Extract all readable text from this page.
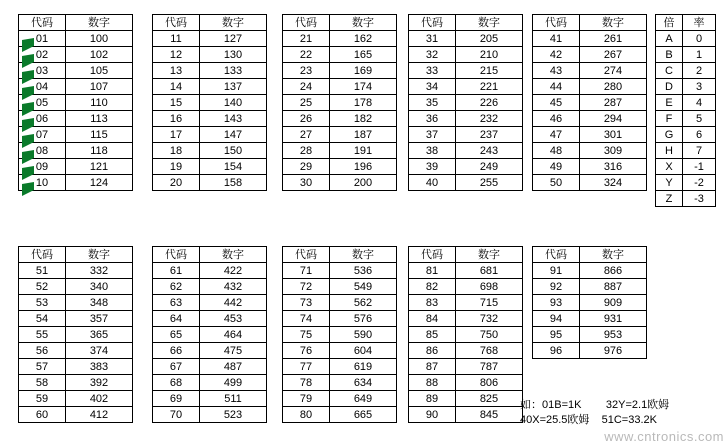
代码	数字
01	100
02	102
03	105
04	107
05	110
06	113
07	115
08	118
09	121
10	124
代码	数字
11	127
12	130
13	133
14	137
15	140
16	143
17	147
18	150
19	154
20	158
代码	数字
21	162
22	165
23	169
24	174
25	178
26	182
27	187
28	191
29	196
30	200
代码	数字
31	205
32	210
33	215
34	221
35	226
36	232
37	237
38	243
39	249
40	255
代码	数字
41	261
42	267
43	274
44	280
45	287
46	294
47	301
48	309
49	316
50	324
倍	率
A	0
B	1
C	2
D	3
E	4
F	5
G	6
H	7
X	-1
Y	-2
Z	-3
代码	数字
51	332
52	340
53	348
54	357
55	365
56	374
57	383
58	392
59	402
60	412
代码	数字
61	422
62	432
63	442
64	453
65	464
66	475
67	487
68	499
69	511
70	523
代码	数字
71	536
72	549
73	562
74	576
75	590
76	604
77	619
78	634
79	649
80	665
代码	数字
81	681
82	698
83	715
84	732
85	750
86	768
87	787
88	806
89	825
90	845
代码	数字
91	866
92	887
93	909
94	931
95	953
96	976
如：01B=1K        32Y=2.1欧姆
40X=25.5欧姆    51C=33.2K
www.cntronics.com
